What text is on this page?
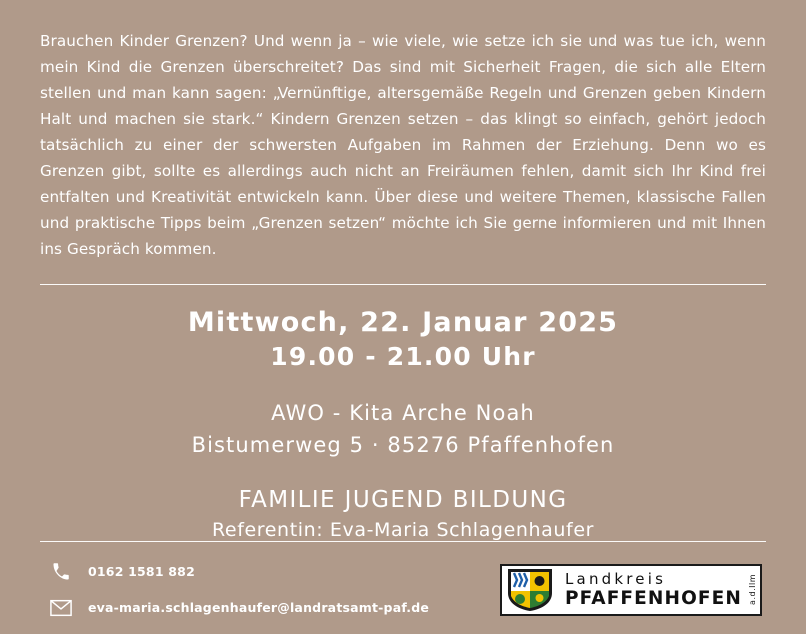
Brauchen Kinder Grenzen? Und wenn ja – wie viele, wie setze ich sie und was tue ich, wenn mein Kind die Grenzen überschreitet? Das sind mit Sicherheit Fragen, die sich alle Eltern stellen und man kann sagen: „Vernünftige, altersgemäße Regeln und Grenzen geben Kindern Halt und machen sie stark.“ Kindern Grenzen setzen – das klingt so einfach, gehört jedoch tatsächlich zu einer der schwersten Aufgaben im Rahmen der Erziehung. Denn wo es Grenzen gibt, sollte es allerdings auch nicht an Freiräumen fehlen, damit sich Ihr Kind frei entfalten und Kreativität entwickeln kann. Über diese und weitere Themen, klassische Fallen und praktische Tipps beim „Grenzen setzen“ möchte ich Sie gerne informieren und mit Ihnen ins Gespräch kommen.
Mittwoch, 22. Januar 2025
19.00 - 21.00 Uhr
AWO - Kita Arche Noah
Bistumerweg 5 · 85276 Pfaffenhofen
FAMILIE JUGEND BILDUNG
Referentin: Eva-Maria Schlagenhaufer
0162 1581 882
eva-maria.schlagenhaufer@landratsamt-paf.de
Landkreis
PFAFFENHOFEN a.d.Ilm
